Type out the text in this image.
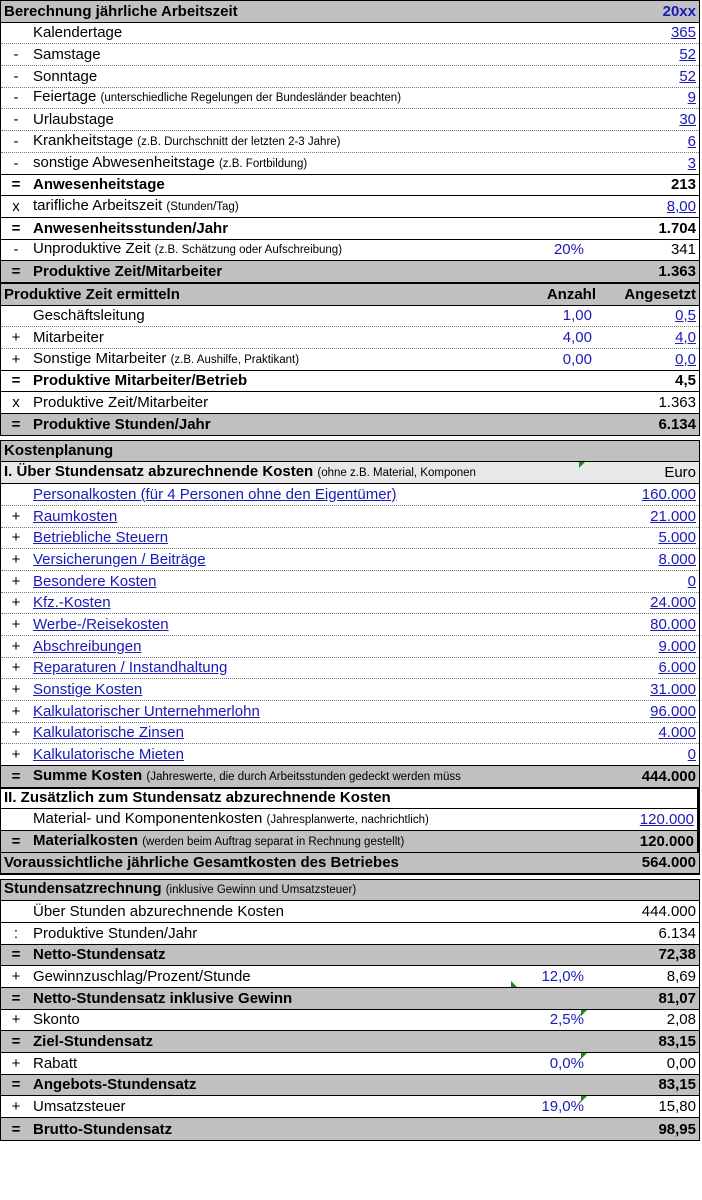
Berechnung jährliche Arbeitszeit	20xx
Kalendertage	365
- Samstage	52
- Sonntage	52
- Feiertage (unterschiedliche Regelungen der Bundesländer beachten)	9
- Urlaubstage	30
- Krankheitstage (z.B. Durchschnitt der letzten 2-3 Jahre)	6
- sonstige Abwesenheitstage (z.B. Fortbildung)	3
= Anwesenheitstage	213
x tarifliche Arbeitszeit (Stunden/Tag)	8,00
= Anwesenheitsstunden/Jahr	1.704
- Unproduktive Zeit (z.B. Schätzung oder Aufschreibung)	20%	341
= Produktive Zeit/Mitarbeiter	1.363
Produktive Zeit ermitteln	Anzahl	Angesetzt
Geschäftsleitung	1,00	0,5
+ Mitarbeiter	4,00	4,0
+ Sonstige Mitarbeiter (z.B. Aushilfe, Praktikant)	0,00	0,0
= Produktive Mitarbeiter/Betrieb	4,5
x Produktive Zeit/Mitarbeiter	1.363
= Produktive Stunden/Jahr	6.134
Kostenplanung
I. Über Stundensatz abzurechnende Kosten (ohne z.B. Material, Komponen	Euro
Personalkosten (für 4 Personen ohne den Eigentümer)	160.000
+ Raumkosten	21.000
+ Betriebliche Steuern	5.000
+ Versicherungen / Beiträge	8.000
+ Besondere Kosten	0
+ Kfz.-Kosten	24.000
+ Werbe-/Reisekosten	80.000
+ Abschreibungen	9.000
+ Reparaturen / Instandhaltung	6.000
+ Sonstige Kosten	31.000
+ Kalkulatorischer Unternehmerlohn	96.000
+ Kalkulatorische Zinsen	4.000
+ Kalkulatorische Mieten	0
= Summe Kosten (Jahreswerte, die durch Arbeitsstunden gedeckt werden müss	444.000
II. Zusätzlich zum Stundensatz abzurechnende Kosten
Material- und Komponentenkosten (Jahresplanwerte, nachrichtlich)	120.000
= Materialkosten (werden beim Auftrag separat in Rechnung gestellt)	120.000
Voraussichtliche jährliche Gesamtkosten des Betriebes	564.000
Stundensatzrechnung (inklusive Gewinn und Umsatzsteuer)
Über Stunden abzurechnende Kosten	444.000
: Produktive Stunden/Jahr	6.134
= Netto-Stundensatz	72,38
+ Gewinnzuschlag/Prozent/Stunde	12,0%	8,69
= Netto-Stundensatz inklusive Gewinn	81,07
+ Skonto	2,5%	2,08
= Ziel-Stundensatz	83,15
+ Rabatt	0,0%	0,00
= Angebots-Stundensatz	83,15
+ Umsatzsteuer	19,0%	15,80
= Brutto-Stundensatz	98,95
